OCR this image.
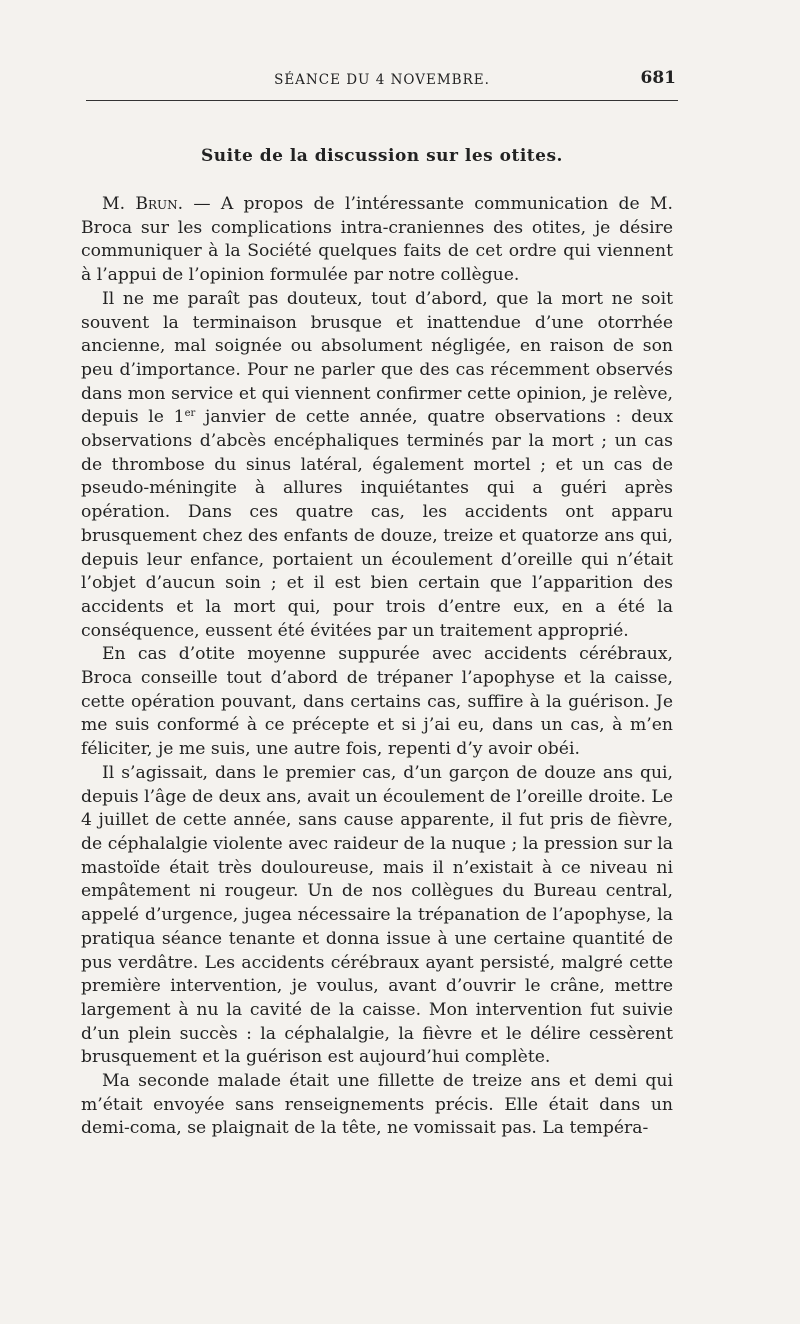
SÉANCE DU 4 NOVEMBRE.	681
Suite de la discussion sur les otites.

M. Brun. — A propos de l’intéressante communication de M. Broca sur les complications intra-craniennes des otites, je désire communiquer à la Société quelques faits de cet ordre qui viennent à l’appui de l’opinion formulée par notre collègue.

Il ne me paraît pas douteux, tout d’abord, que la mort ne soit souvent la terminaison brusque et inattendue d’une otorrhée ancienne, mal soignée ou absolument négligée, en raison de son peu d’importance. Pour ne parler que des cas récemment observés dans mon service et qui viennent confirmer cette opinion, je relève, depuis le 1er janvier de cette année, quatre observations : deux observations d’abcès encéphaliques terminés par la mort ; un cas de thrombose du sinus latéral, également mortel ; et un cas de pseudo-méningite à allures inquiétantes qui a guéri après opération. Dans ces quatre cas, les accidents ont apparu brusquement chez des enfants de douze, treize et quatorze ans qui, depuis leur enfance, portaient un écoulement d’oreille qui n’était l’objet d’aucun soin ; et il est bien certain que l’apparition des accidents et la mort qui, pour trois d’entre eux, en a été la conséquence, eussent été évitées par un traitement approprié.

En cas d’otite moyenne suppurée avec accidents cérébraux, Broca conseille tout d’abord de trépaner l’apophyse et la caisse, cette opération pouvant, dans certains cas, suffire à la guérison. Je me suis conformé à ce précepte et si j’ai eu, dans un cas, à m’en féliciter, je me suis, une autre fois, repenti d’y avoir obéi.

Il s’agissait, dans le premier cas, d’un garçon de douze ans qui, depuis l’âge de deux ans, avait un écoulement de l’oreille droite. Le 4 juillet de cette année, sans cause apparente, il fut pris de fièvre, de céphalalgie violente avec raideur de la nuque ; la pression sur la mastoïde était très douloureuse, mais il n’existait à ce niveau ni empâtement ni rougeur. Un de nos collègues du Bureau central, appelé d’urgence, jugea nécessaire la trépanation de l’apophyse, la pratiqua séance tenante et donna issue à une certaine quantité de pus verdâtre. Les accidents cérébraux ayant persisté, malgré cette première intervention, je voulus, avant d’ouvrir le crâne, mettre largement à nu la cavité de la caisse. Mon intervention fut suivie d’un plein succès : la céphalalgie, la fièvre et le délire cessèrent brusquement et la guérison est aujourd’hui complète.

Ma seconde malade était une fillette de treize ans et demi qui m’était envoyée sans renseignements précis. Elle était dans un demi-coma, se plaignait de la tête, ne vomissait pas. La tempéra-
